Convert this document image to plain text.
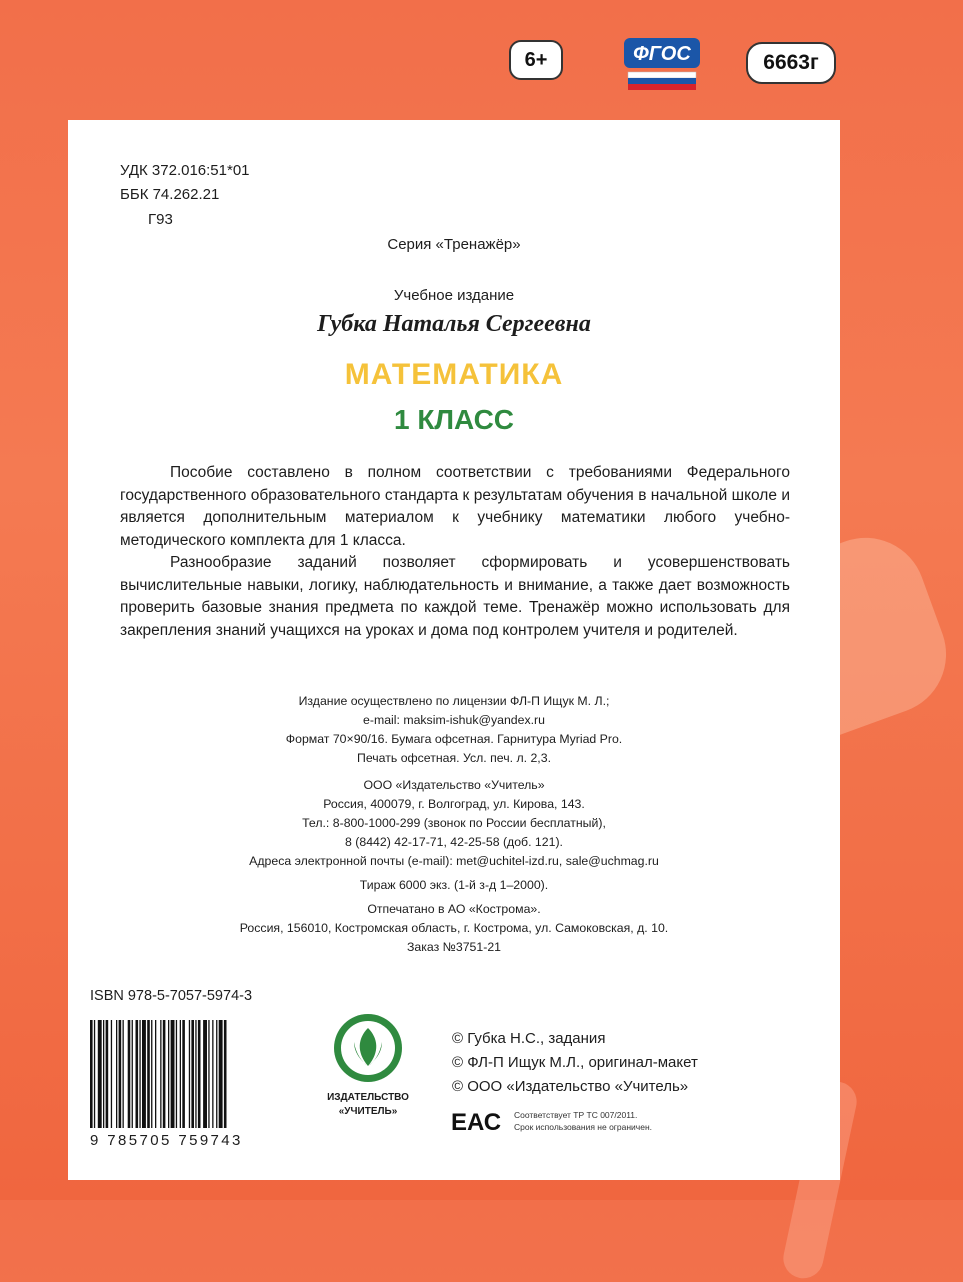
6+	ФГОС	6663г
УДК 372.016:51*01
ББК 74.262.21
Г93
Серия «Тренажёр»
Учебное издание
Губка Наталья Сергеевна
МАТЕМАТИКА
1 КЛАСС

Пособие составлено в полном соответствии с требованиями Федерального государственного образовательного стандарта к результатам обучения в начальной школе и является дополнительным материалом к учебнику математики любого учебно-методического комплекта для 1 класса.

Разнообразие заданий позволяет сформировать и усовершенствовать вычислительные навыки, логику, наблюдательность и внимание, а также дает возможность проверить базовые знания предмета по каждой теме. Тренажёр можно использовать для закрепления знаний учащихся на уроках и дома под контролем учителя и родителей.

Издание осуществлено по лицензии ФЛ-П Ищук М. Л.;
e-mail: maksim-ishuk@yandex.ru
Формат 70×90/16. Бумага офсетная. Гарнитура Myriad Pro.
Печать офсетная. Усл. печ. л. 2,3.
ООО «Издательство «Учитель»
Россия, 400079, г. Волгоград, ул. Кирова, 143.
Тел.: 8-800-1000-299 (звонок по России бесплатный),
8 (8442) 42-17-71, 42-25-58 (доб. 121).
Адреса электронной почты (e-mail): met@uchitel-izd.ru, sale@uchmag.ru
Тираж 6000 экз. (1-й з-д 1–2000).
Отпечатано в АО «Кострома».
Россия, 156010, Костромская область, г. Кострома, ул. Самоковская, д. 10.
Заказ №3751-21
ISBN 978-5-7057-5974-3
9 785705 759743
ИЗДАТЕЛЬСТВО
«УЧИТЕЛЬ»
© Губка Н.С., задания
© ФЛ-П Ищук М.Л., оригинал-макет
© ООО «Издательство «Учитель»
ЕАС Соответствует ТР ТС 007/2011.
Срок использования не ограничен.
